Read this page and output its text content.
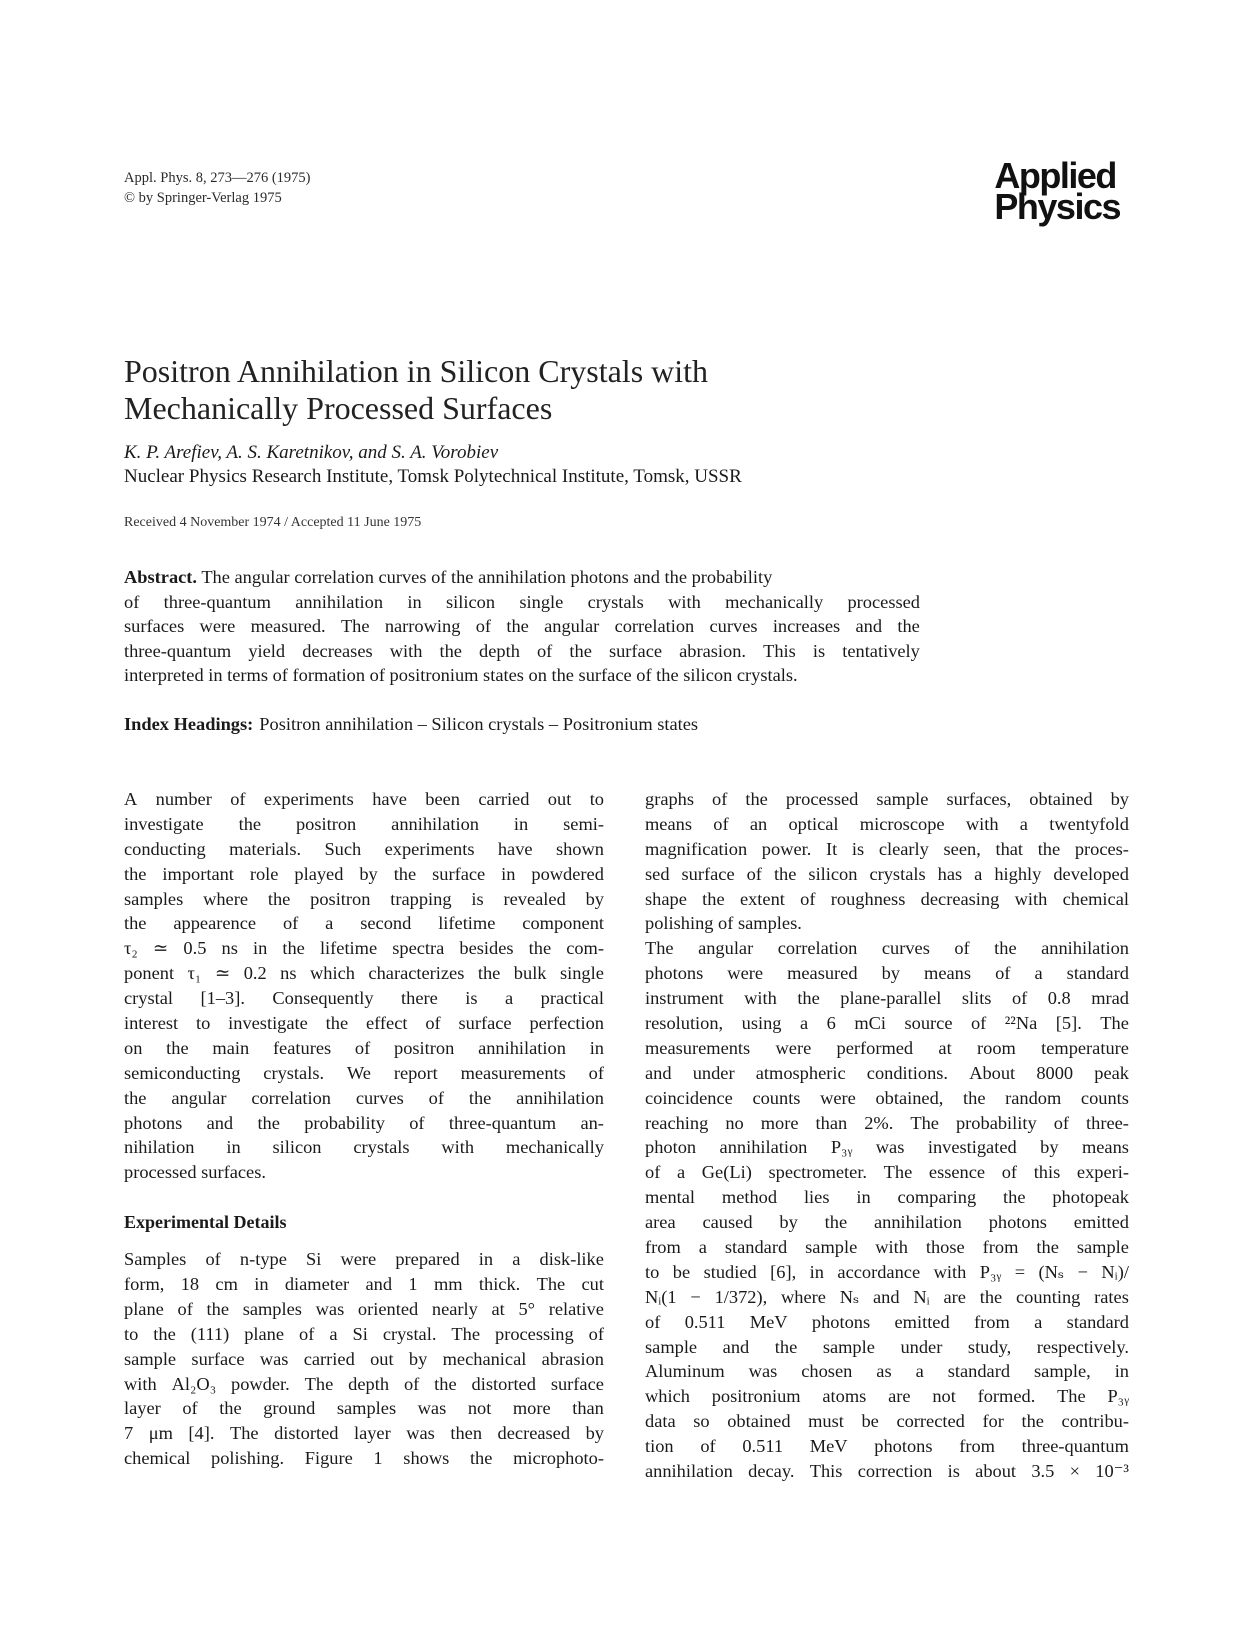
Appl. Phys. 8, 273—276 (1975)
© by Springer-Verlag 1975
Applied
Physics
Positron Annihilation in Silicon Crystals with
Mechanically Processed Surfaces
K. P. Arefiev, A. S. Karetnikov, and S. A. Vorobiev
Nuclear Physics Research Institute, Tomsk Polytechnical Institute, Tomsk, USSR
Received 4 November 1974 / Accepted 11 June 1975
Abstract. The angular correlation curves of the annihilation photons and the probability
of three-quantum annihilation in silicon single crystals with mechanically processed
surfaces were measured. The narrowing of the angular correlation curves increases and the
three-quantum yield decreases with the depth of the surface abrasion. This is tentatively
interpreted in terms of formation of positronium states on the surface of the silicon crystals.
Index Headings: Positron annihilation – Silicon crystals – Positronium states
A number of experiments have been carried out to
investigate the positron annihilation in semi-
conducting materials. Such experiments have shown
the important role played by the surface in powdered
samples where the positron trapping is revealed by
the appearence of a second lifetime component
τ₂ ≃ 0.5 ns in the lifetime spectra besides the com-
ponent τ₁ ≃ 0.2 ns which characterizes the bulk single
crystal [1–3]. Consequently there is a practical
interest to investigate the effect of surface perfection
on the main features of positron annihilation in
semiconducting crystals. We report measurements of
the angular correlation curves of the annihilation
photons and the probability of three-quantum an-
nihilation in silicon crystals with mechanically
processed surfaces.
Experimental Details
Samples of n-type Si were prepared in a disk-like
form, 18 cm in diameter and 1 mm thick. The cut
plane of the samples was oriented nearly at 5° relative
to the (111) plane of a Si crystal. The processing of
sample surface was carried out by mechanical abrasion
with Al₂O₃ powder. The depth of the distorted surface
layer of the ground samples was not more than
7 μm [4]. The distorted layer was then decreased by
chemical polishing. Figure 1 shows the microphoto-
graphs of the processed sample surfaces, obtained by
means of an optical microscope with a twentyfold
magnification power. It is clearly seen, that the proces-
sed surface of the silicon crystals has a highly developed
shape the extent of roughness decreasing with chemical
polishing of samples.
The angular correlation curves of the annihilation
photons were measured by means of a standard
instrument with the plane-parallel slits of 0.8 mrad
resolution, using a 6 mCi source of ²²Na [5]. The
measurements were performed at room temperature
and under atmospheric conditions. About 8000 peak
coincidence counts were obtained, the random counts
reaching no more than 2%. The probability of three-
photon annihilation P₃ᵧ was investigated by means
of a Ge(Li) spectrometer. The essence of this experi-
mental method lies in comparing the photopeak
area caused by the annihilation photons emitted
from a standard sample with those from the sample
to be studied [6], in accordance with P₃ᵧ = (Nₛ − Nᵢ)/
Nᵢ(1 − 1/372), where Nₛ and Nᵢ are the counting rates
of 0.511 MeV photons emitted from a standard
sample and the sample under study, respectively.
Aluminum was chosen as a standard sample, in
which positronium atoms are not formed. The P₃ᵧ
data so obtained must be corrected for the contribu-
tion of 0.511 MeV photons from three-quantum
annihilation decay. This correction is about 3.5 × 10⁻³
